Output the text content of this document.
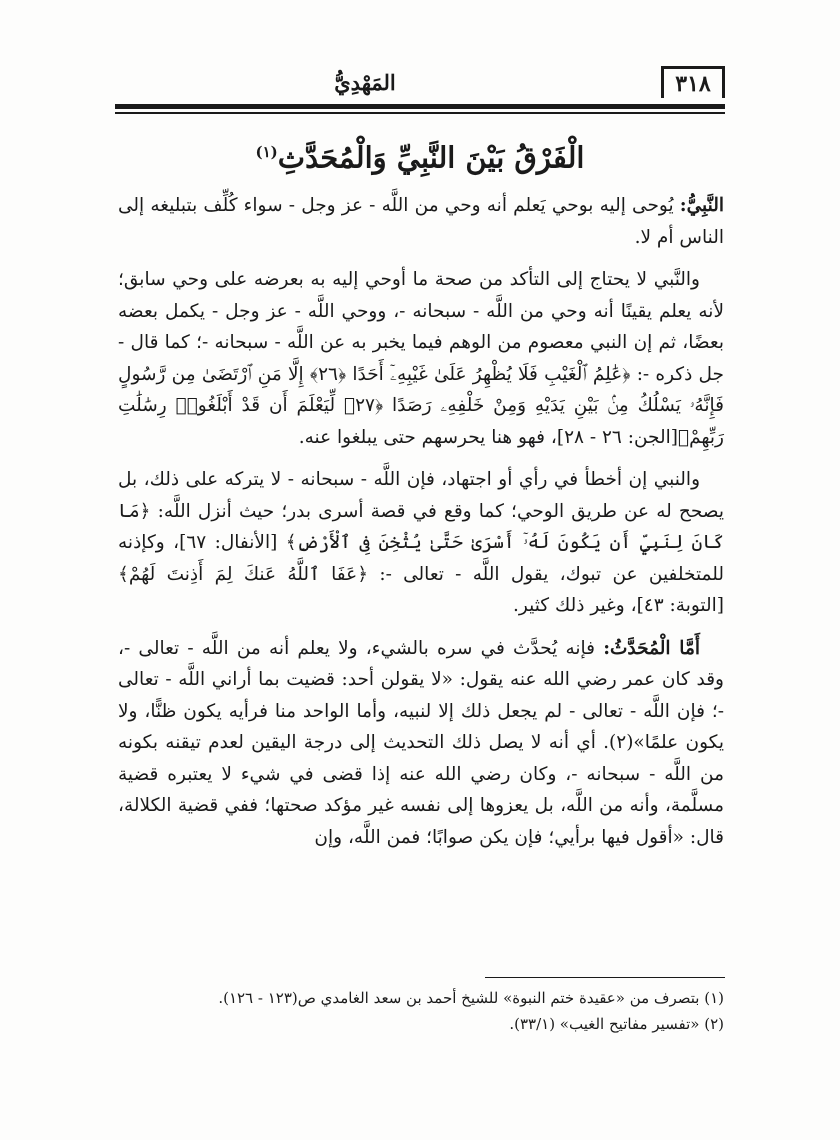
٣١٨
المَهْدِيُّ
الْفَرْقُ بَيْنَ النَّبِيِّ وَالْمُحَدَّثِ$^{(١)}$

النَّبِيُّ: يُوحى إليه بوحي يَعلم أنه وحي من اللَّه - عز وجل - سواء كُلِّف بتبليغه إلى الناس أم لا.

والنَّبي لا يحتاج إلى التأكد من صحة ما أوحي إليه به بعرضه على وحي سابق؛ لأنه يعلم يقينًا أنه وحي من اللَّه - سبحانه -، ووحي اللَّه - عز وجل - يكمل بعضه بعضًا، ثم إن النبي معصوم من الوهم فيما يخبر به عن اللَّه - سبحانه -؛ كما قال - جل ذكره -: ﴿عَٰلِمُ ٱلْغَيْبِ فَلَا يُظْهِرُ عَلَىٰ غَيْبِهِۦٓ أَحَدًا ﴿٢٦﴾ إِلَّا مَنِ ٱرْتَضَىٰ مِن رَّسُولٍ فَإِنَّهُۥ يَسْلُكُ مِنۢ بَيْنِ يَدَيْهِ وَمِنْ خَلْفِهِۦ رَصَدًا ﴿٢٧﴾ لِّيَعْلَمَ أَن قَدْ أَبْلَغُوا۟ رِسَٰلَٰتِ رَبِّهِمْ﴾[الجن: ٢٦ - ٢٨]، فهو هنا يحرسهم حتى يبلغوا عنه.

والنبي إن أخطأ في رأي أو اجتهاد، فإن اللَّه - سبحانه - لا يتركه على ذلك، بل يصحح له عن طريق الوحي؛ كما وقع في قصة أسرى بدر؛ حيث أنزل اللَّه: ﴿مَا كَانَ لِنَبِيٍّ أَن يَكُونَ لَهُۥٓ أَسْرَىٰ حَتَّىٰ يُثْخِنَ فِى ٱلْأَرْضِ﴾ [الأنفال: ٦٧]، وكإذنه للمتخلفين عن تبوك، يقول اللَّه - تعالى -: ﴿عَفَا ٱللَّهُ عَنكَ لِمَ أَذِنتَ لَهُمْ﴾ [التوبة: ٤٣]، وغير ذلك كثير.

أَمَّا الْمُحَدَّثُ: فإنه يُحدَّث في سره بالشيء، ولا يعلم أنه من اللَّه - تعالى -، وقد كان عمر رضي الله عنه يقول: «لا يقولن أحد: قضيت بما أراني اللَّه - تعالى -؛ فإن اللَّه - تعالى - لم يجعل ذلك إلا لنبيه، وأما الواحد منا فرأيه يكون ظنًّا، ولا يكون علمًا»(٢). أي أنه لا يصل ذلك التحديث إلى درجة اليقين لعدم تيقنه بكونه من اللَّه - سبحانه -، وكان رضي الله عنه إذا قضى في شيء لا يعتبره قضية مسلَّمة، وأنه من اللَّه، بل يعزوها إلى نفسه غير مؤكد صحتها؛ ففي قضية الكلالة، قال: «أقول فيها برأيي؛ فإن يكن صوابًا؛ فمن اللَّه، وإن

(١) بتصرف من «عقيدة ختم النبوة» للشيخ أحمد بن سعد الغامدي ص(١٢٣ - ١٢٦).
(٢) «تفسير مفاتيح الغيب» (٣٣/١).
